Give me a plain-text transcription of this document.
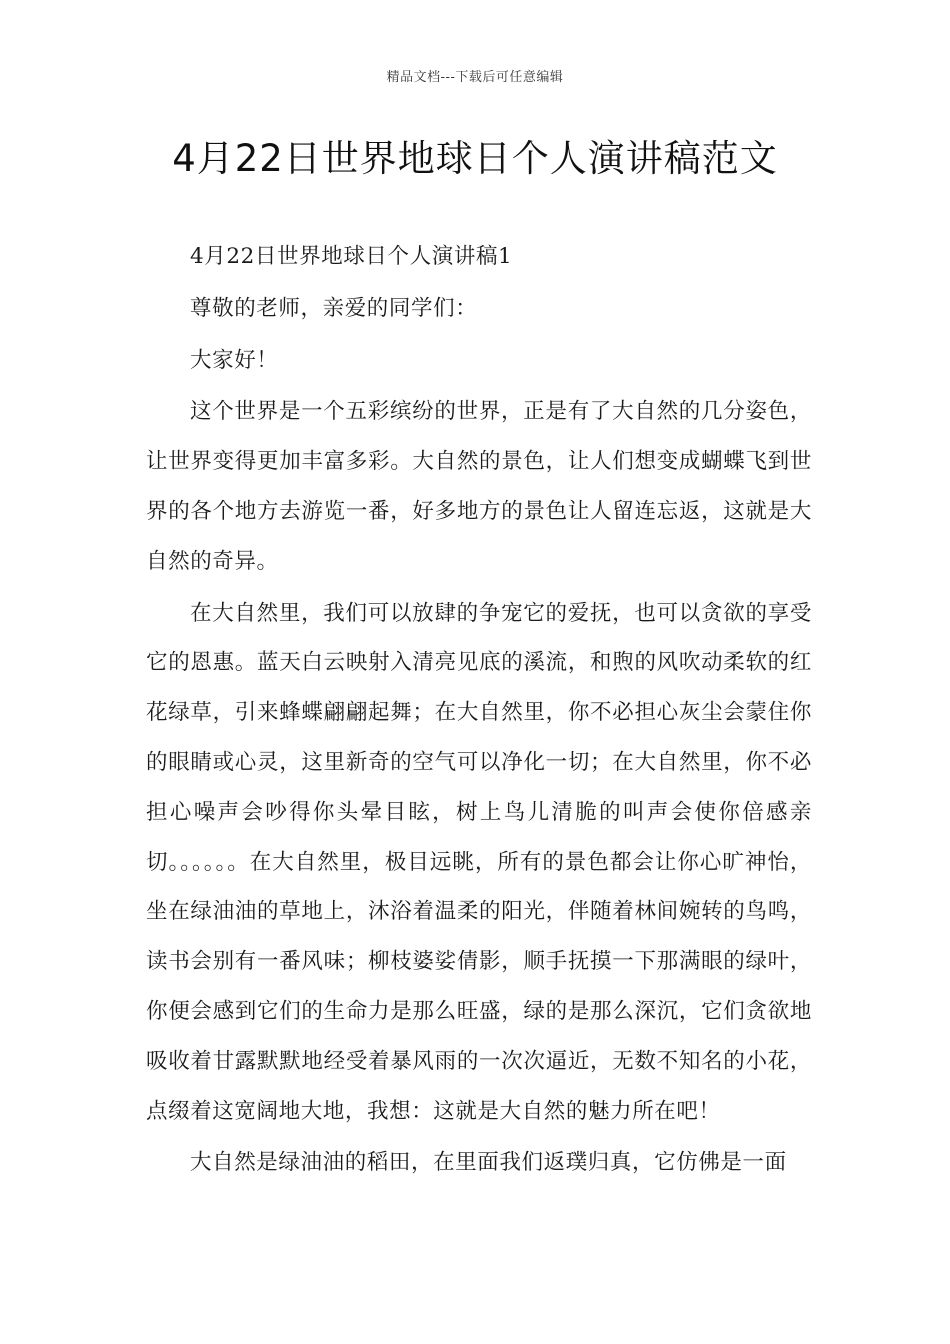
精品文档---下载后可任意编辑
4月22日世界地球日个人演讲稿范文

4月22日世界地球日个人演讲稿1

尊敬的老师，亲爱的同学们：

大家好！

这个世界是一个五彩缤纷的世界，正是有了大自然的几分姿色，让世界变得更加丰富多彩。大自然的景色，让人们想变成蝴蝶飞到世界的各个地方去游览一番，好多地方的景色让人留连忘返，这就是大自然的奇异。

在大自然里，我们可以放肆的争宠它的爱抚，也可以贪欲的享受它的恩惠。蓝天白云映射入清亮见底的溪流，和煦的风吹动柔软的红花绿草，引来蜂蝶翩翩起舞；在大自然里，你不必担心灰尘会蒙住你的眼睛或心灵，这里新奇的空气可以净化一切；在大自然里，你不必担心噪声会吵得你头晕目眩，树上鸟儿清脆的叫声会使你倍感亲切。。。。。。在大自然里，极目远眺，所有的景色都会让你心旷神怡，坐在绿油油的草地上，沐浴着温柔的阳光，伴随着林间婉转的鸟鸣，读书会别有一番风味；柳枝婆娑倩影，顺手抚摸一下那满眼的绿叶，你便会感到它们的生命力是那么旺盛，绿的是那么深沉，它们贪欲地吸收着甘露默默地经受着暴风雨的一次次逼近，无数不知名的小花，点缀着这宽阔地大地，我想：这就是大自然的魅力所在吧！

大自然是绿油油的稻田，在里面我们返璞归真，它仿佛是一面
